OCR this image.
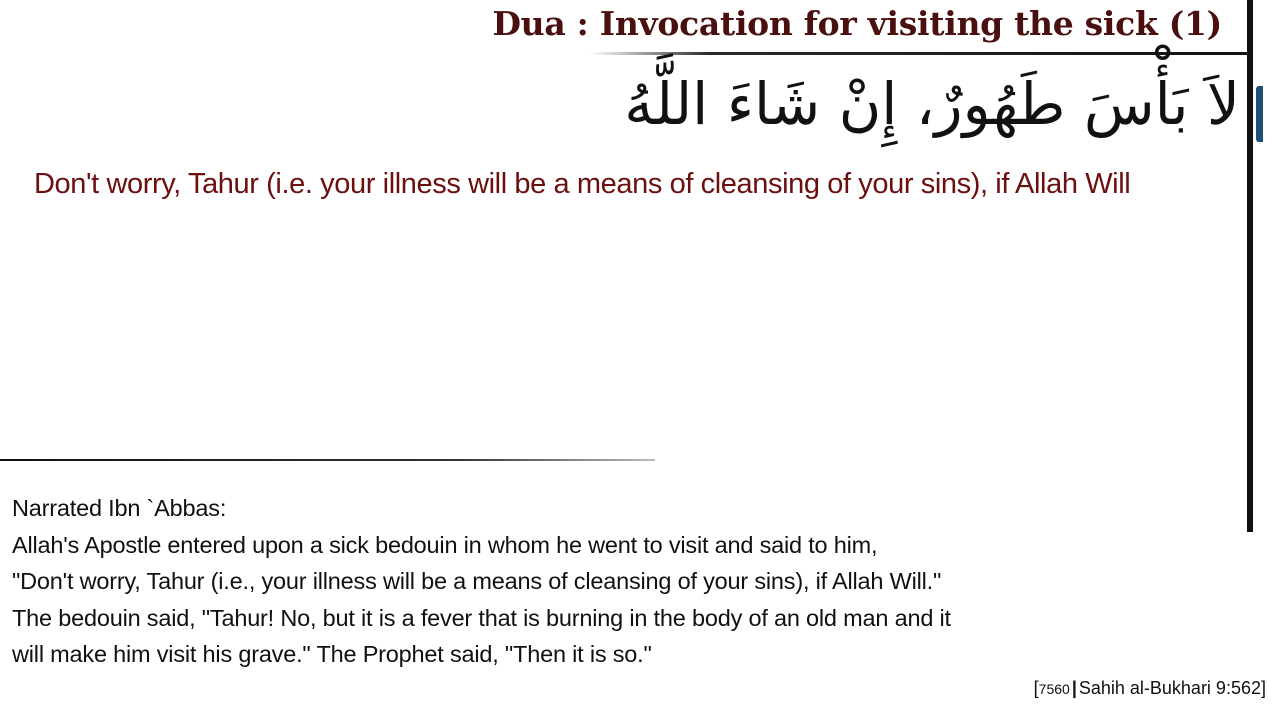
Dua : Invocation for visiting the sick (1)
لاَ بَأْسَ طَهُورٌ، إِنْ شَاءَ اللَّهُ
Don't worry, Tahur (i.e. your illness will be a means of cleansing of your sins), if Allah Will
Narrated Ibn `Abbas:
Allah's Apostle entered upon a sick bedouin in whom he went to visit and said to him,
"Don't worry, Tahur (i.e., your illness will be a means of cleansing of your sins), if Allah Will."
The bedouin said, "Tahur! No, but it is a fever that is burning in the body of an old man and it
will make him visit his grave." The Prophet said, "Then it is so."
[7560 | Sahih al-Bukhari 9:562]
